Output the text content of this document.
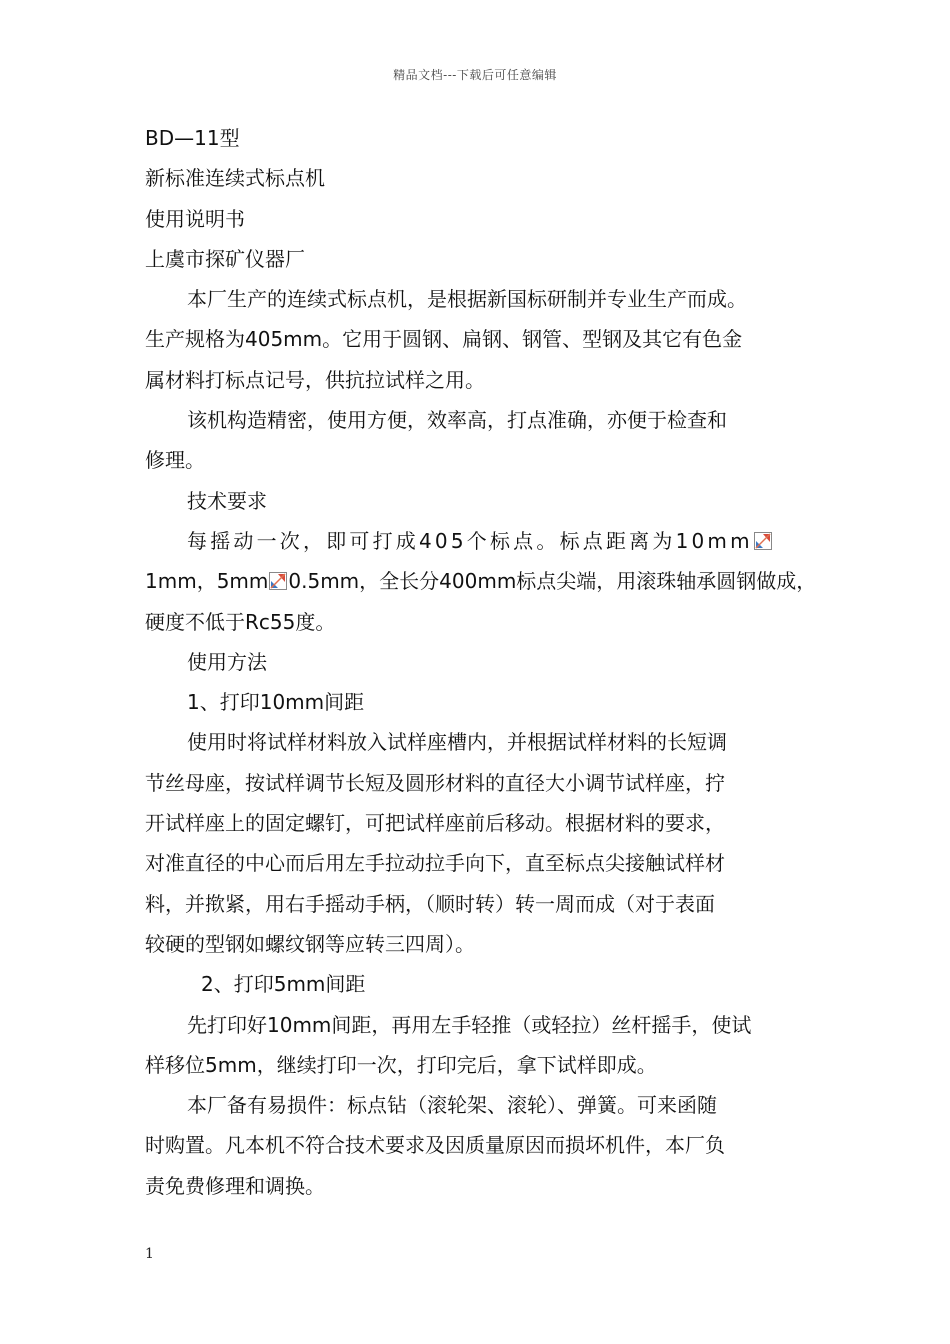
精品文档---下载后可任意编辑
BD—11型
新标准连续式标点机
使用说明书
上虞市探矿仪器厂
本厂生产的连续式标点机，是根据新国标研制并专业生产而成。
生产规格为405mm。它用于圆钢、扁钢、钢管、型钢及其它有色金
属材料打标点记号，供抗拉试样之用。
该机构造精密，使用方便，效率高，打点准确，亦便于检查和
修理。
技术要求
每摇动一次，即可打成405个标点。标点距离为10mm
1mm，5mm 0.5mm，全长分400mm标点尖端，用滚珠轴承圆钢做成，
硬度不低于Rc55度。
使用方法
1、打印10mm间距
使用时将试样材料放入试样座槽内，并根据试样材料的长短调
节丝母座，按试样调节长短及圆形材料的直径大小调节试样座，拧
开试样座上的固定螺钉，可把试样座前后移动。根据材料的要求，
对准直径的中心而后用左手拉动拉手向下，直至标点尖接触试样材
料，并揿紧，用右手摇动手柄，（顺时转）转一周而成（对于表面
较硬的型钢如螺纹钢等应转三四周）。
2、打印5mm间距
先打印好10mm间距，再用左手轻推（或轻拉）丝杆摇手，使试
样移位5mm，继续打印一次，打印完后，拿下试样即成。
本厂备有易损件：标点钻（滚轮架、滚轮）、弹簧。可来函随
时购置。凡本机不符合技术要求及因质量原因而损坏机件，本厂负
责免费修理和调换。
1
